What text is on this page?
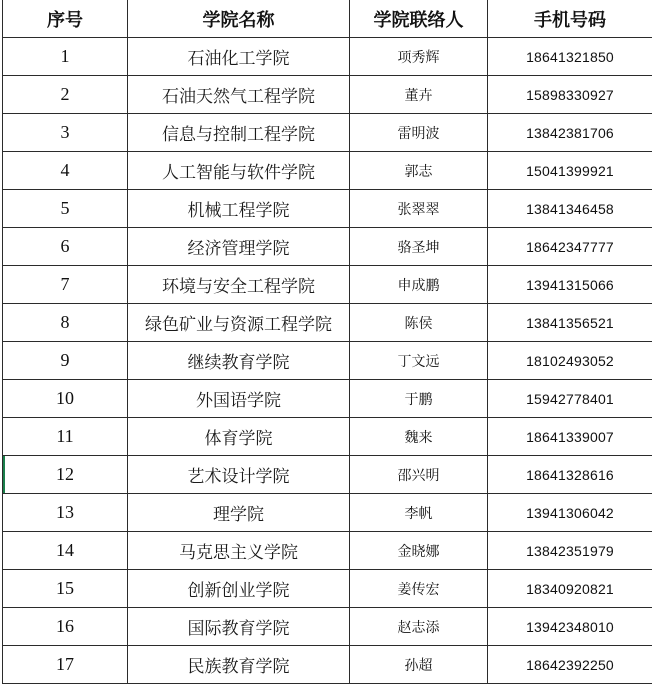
序号	学院名称	学院联络人	手机号码
1	石油化工学院	项秀辉	18641321850
2	石油天然气工程学院	董卉	15898330927
3	信息与控制工程学院	雷明波	13842381706
4	人工智能与软件学院	郭志	15041399921
5	机械工程学院	张翠翠	13841346458
6	经济管理学院	骆圣坤	18642347777
7	环境与安全工程学院	申成鹏	13941315066
8	绿色矿业与资源工程学院	陈侯	13841356521
9	继续教育学院	丁文远	18102493052
10	外国语学院	于鹏	15942778401
11	体育学院	魏来	18641339007
12	艺术设计学院	邵兴明	18641328616
13	理学院	李帆	13941306042
14	马克思主义学院	金晓娜	13842351979
15	创新创业学院	姜传宏	18340920821
16	国际教育学院	赵志添	13942348010
17	民族教育学院	孙超	18642392250
